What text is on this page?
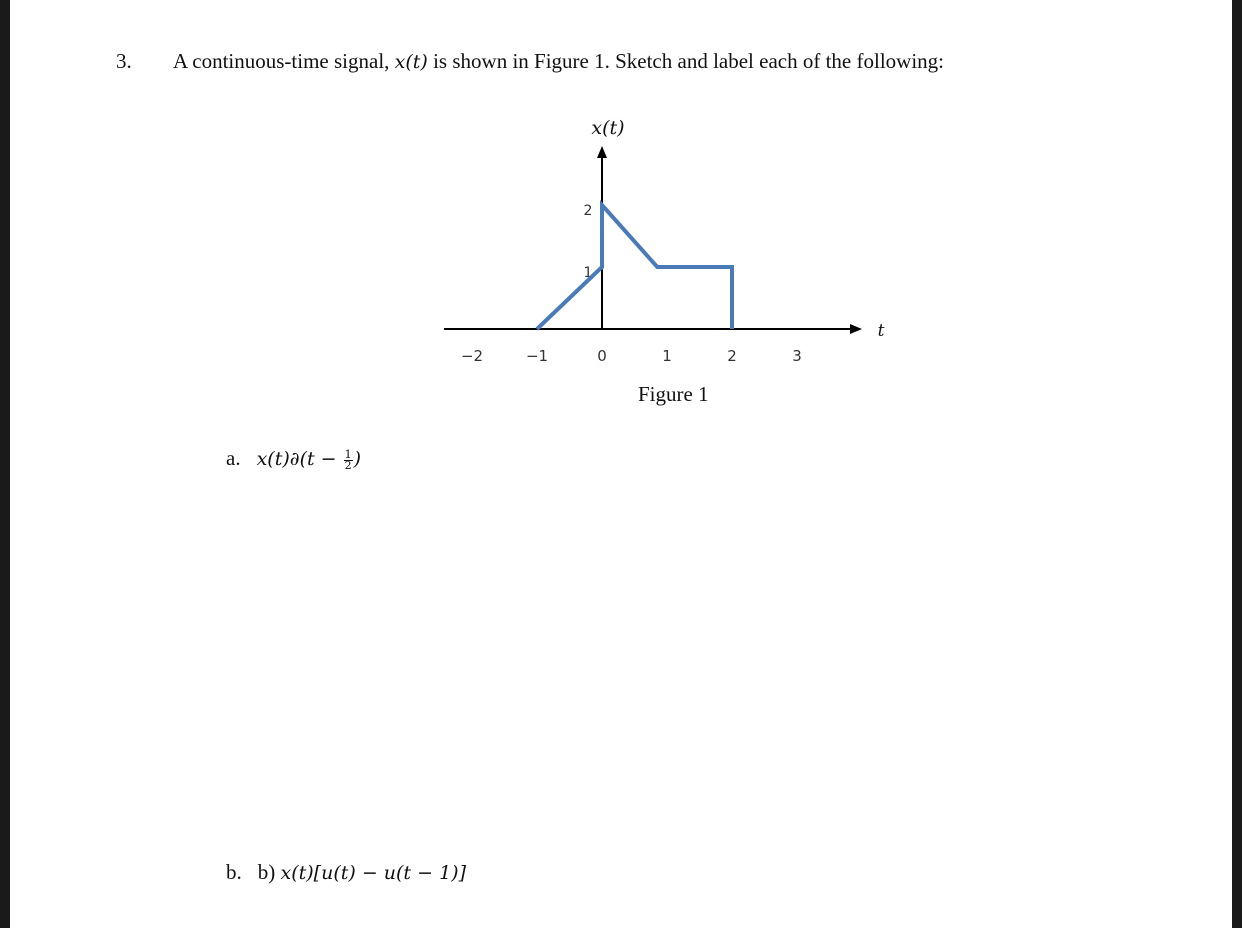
3. A continuous-time signal, x(t) is shown in Figure 1. Sketch and label each of the following:
−2	−1	0	1	2	3
2
1
x(t)
t
Figure 1
a. $x(t)\partial(t - \frac{1}{2}$ )
b. b) x(t)[u(t) − u(t − 1)]
